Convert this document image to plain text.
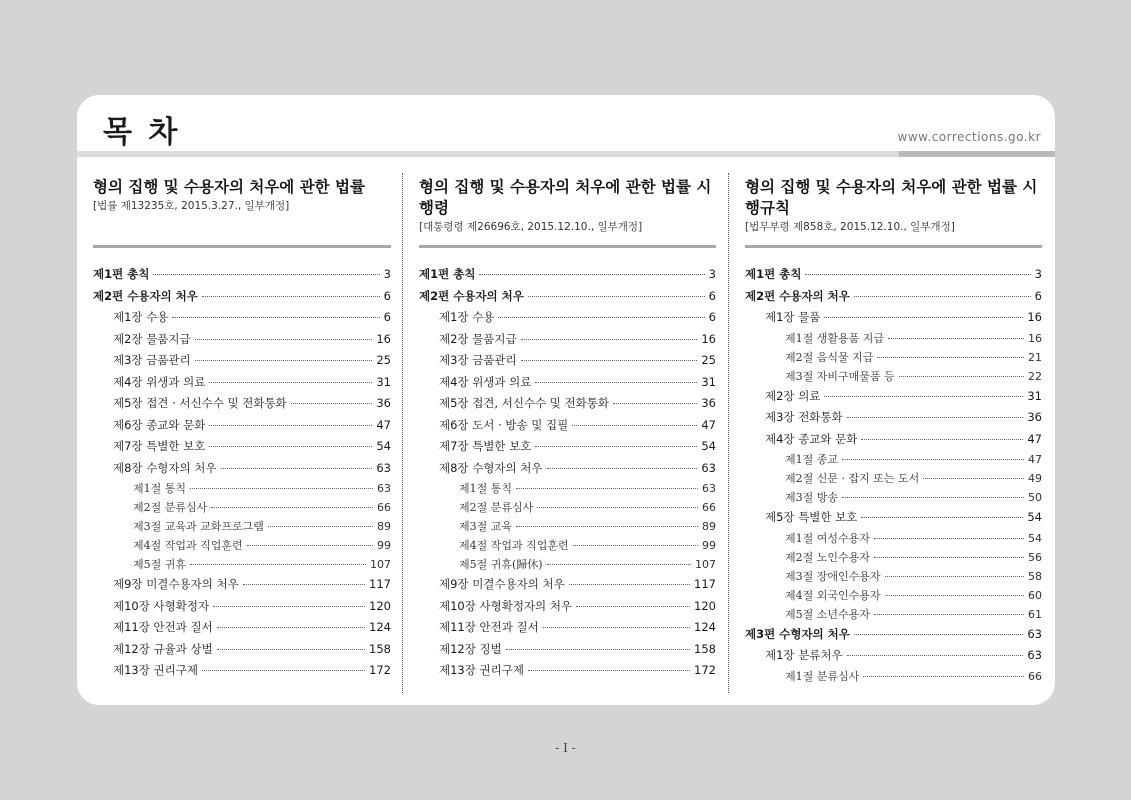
목 차	www.corrections.go.kr
형의 집행 및 수용자의 처우에 관한 법률
[법률 제13235호, 2015.3.27., 일부개정]
제1편 총칙	3
제2편 수용자의 처우	6
제1장 수용	6
제2장 물품지급	16
제3장 금품관리	25
제4장 위생과 의료	31
제5장 접견 · 서신수수 및 전화통화	36
제6장 종교와 문화	47
제7장 특별한 보호	54
제8장 수형자의 처우	63
제1절 통칙	63
제2절 분류심사	66
제3절 교육과 교화프로그램	89
제4절 작업과 직업훈련	99
제5절 귀휴	107
제9장 미결수용자의 처우	117
제10장 사형확정자	120
제11장 안전과 질서	124
제12장 규율과 상벌	158
제13장 권리구제	172
형의 집행 및 수용자의 처우에 관한 법률 시행령
[대통령령 제26696호, 2015.12.10., 일부개정]
제1편 총칙	3
제2편 수용자의 처우	6
제1장 수용	6
제2장 물품지급	16
제3장 금품관리	25
제4장 위생과 의료	31
제5장 접견, 서신수수 및 전화통화	36
제6장 도서 · 방송 및 집필	47
제7장 특별한 보호	54
제8장 수형자의 처우	63
제1절 통칙	63
제2절 분류심사	66
제3절 교육	89
제4절 작업과 직업훈련	99
제5절 귀휴(歸休)	107
제9장 미결수용자의 처우	117
제10장 사형확정자의 처우	120
제11장 안전과 질서	124
제12장 징벌	158
제13장 권리구제	172
형의 집행 및 수용자의 처우에 관한 법률 시행규칙
[법무부령 제858호, 2015.12.10., 일부개정]
제1편 총칙	3
제2편 수용자의 처우	6
제1장 물품	16
제1절 생활용품 지급	16
제2절 음식물 지급	21
제3절 자비구매물품 등	22
제2장 의료	31
제3장 전화통화	36
제4장 종교와 문화	47
제1절 종교	47
제2절 신문 · 잡지 또는 도서	49
제3절 방송	50
제5장 특별한 보호	54
제1절 여성수용자	54
제2절 노인수용자	56
제3절 장애인수용자	58
제4절 외국인수용자	60
제5절 소년수용자	61
제3편 수형자의 처우	63
제1장 분류처우	63
제1절 분류심사	66
- I -
